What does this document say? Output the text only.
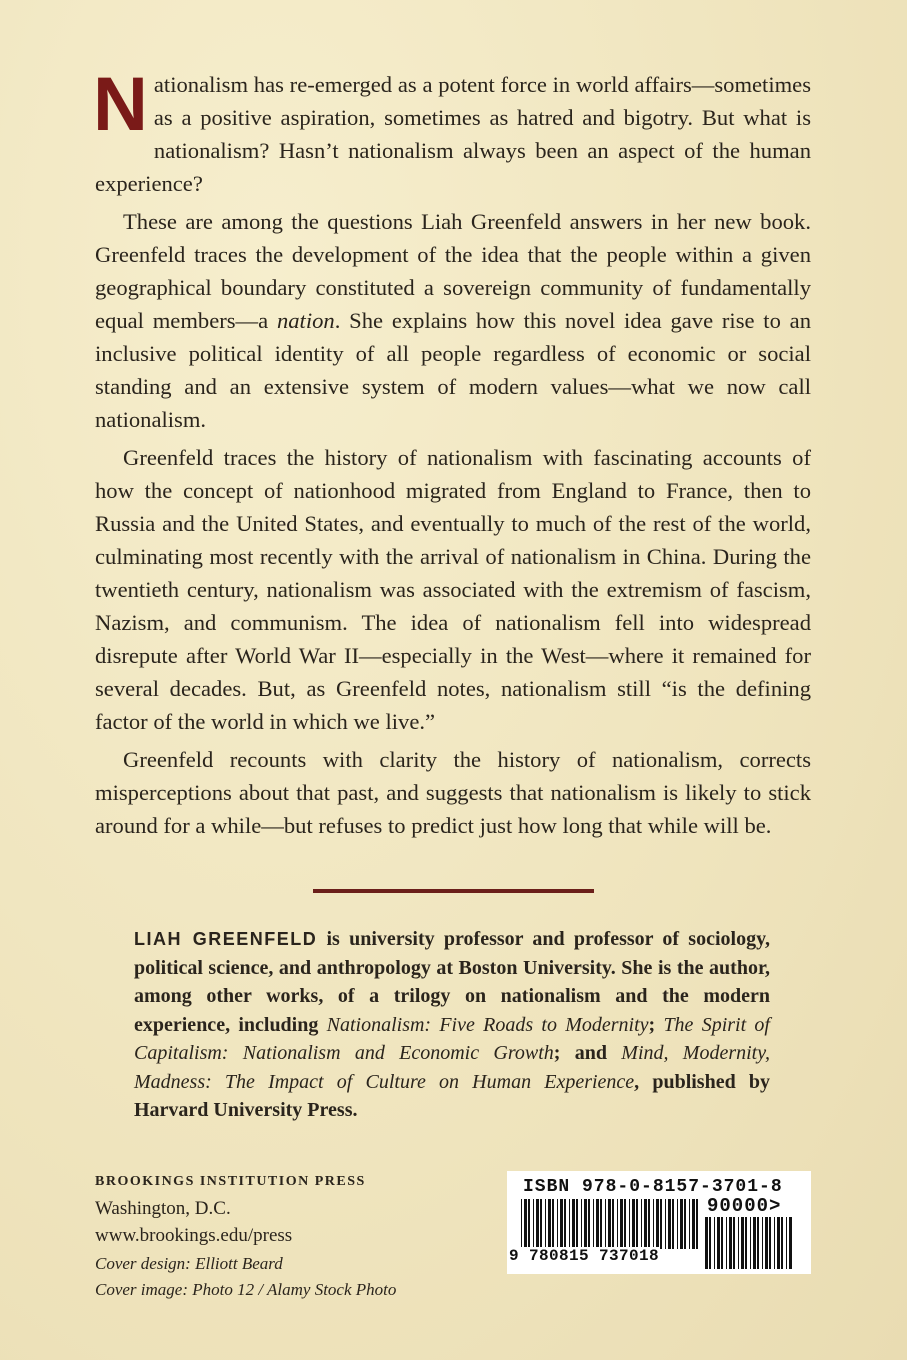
Nationalism has re-emerged as a potent force in world affairs—sometimes as a positive aspiration, sometimes as hatred and bigotry. But what is nationalism? Hasn’t nationalism always been an aspect of the human experience?

These are among the questions Liah Greenfeld answers in her new book. Greenfeld traces the development of the idea that the people within a given geographical boundary constituted a sovereign community of fundamentally equal members—a nation. She explains how this novel idea gave rise to an inclusive political identity of all people regardless of economic or social standing and an extensive system of modern values—what we now call nationalism.

Greenfeld traces the history of nationalism with fascinating accounts of how the concept of nationhood migrated from England to France, then to Russia and the United States, and eventually to much of the rest of the world, culminating most recently with the arrival of nationalism in China. During the twentieth century, nationalism was associated with the extremism of fascism, Nazism, and communism. The idea of nationalism fell into widespread disrepute after World War II—especially in the West—where it remained for several decades. But, as Greenfeld notes, nationalism still “is the defining factor of the world in which we live.”

Greenfeld recounts with clarity the history of nationalism, corrects misperceptions about that past, and suggests that nationalism is likely to stick around for a while—but refuses to predict just how long that while will be.

LIAH GREENFELD is university professor and professor of sociology, political science, and anthropology at Boston University. She is the author, among other works, of a trilogy on nationalism and the modern experience, including Nationalism: Five Roads to Modernity; The Spirit of Capitalism: Nationalism and Economic Growth; and Mind, Modernity, Madness: The Impact of Culture on Human Experience, published by Harvard University Press.

BROOKINGS INSTITUTION PRESS
Washington, D.C.
www.brookings.edu/press
Cover design: Elliott Beard
Cover image: Photo 12 / Alamy Stock Photo
ISBN 978-0-8157-3701-8
90000>
9 780815 737018
